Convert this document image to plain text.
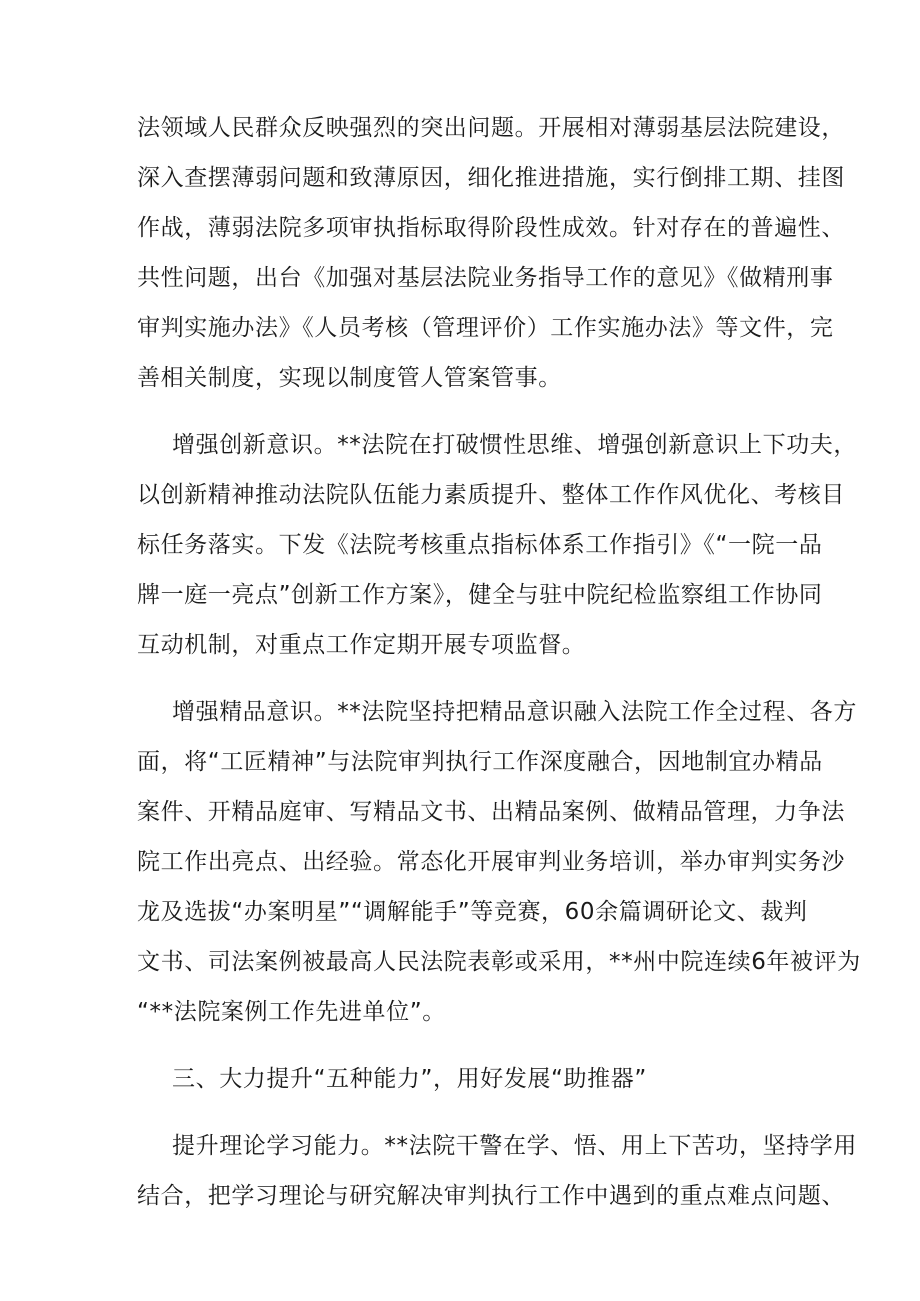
法领域人民群众反映强烈的突出问题。开展相对薄弱基层法院建设，
深入查摆薄弱问题和致薄原因，细化推进措施，实行倒排工期、挂图
作战，薄弱法院多项审执指标取得阶段性成效。针对存在的普遍性、
共性问题，出台《加强对基层法院业务指导工作的意见》《做精刑事
审判实施办法》《人员考核（管理评价）工作实施办法》等文件，完
善相关制度，实现以制度管人管案管事。
增强创新意识。**法院在打破惯性思维、增强创新意识上下功夫，
以创新精神推动法院队伍能力素质提升、整体工作作风优化、考核目
标任务落实。下发《法院考核重点指标体系工作指引》《“一院一品
牌一庭一亮点”创新工作方案》，健全与驻中院纪检监察组工作协同
互动机制，对重点工作定期开展专项监督。
增强精品意识。**法院坚持把精品意识融入法院工作全过程、各方
面，将“工匠精神”与法院审判执行工作深度融合，因地制宜办精品
案件、开精品庭审、写精品文书、出精品案例、做精品管理，力争法
院工作出亮点、出经验。常态化开展审判业务培训，举办审判实务沙
龙及选拔“办案明星”“调解能手”等竞赛，60余篇调研论文、裁判
文书、司法案例被最高人民法院表彰或采用，**州中院连续6年被评为
“**法院案例工作先进单位”。
三、大力提升“五种能力”，用好发展“助推器”
提升理论学习能力。**法院干警在学、悟、用上下苦功，坚持学用
结合，把学习理论与研究解决审判执行工作中遇到的重点难点问题、
